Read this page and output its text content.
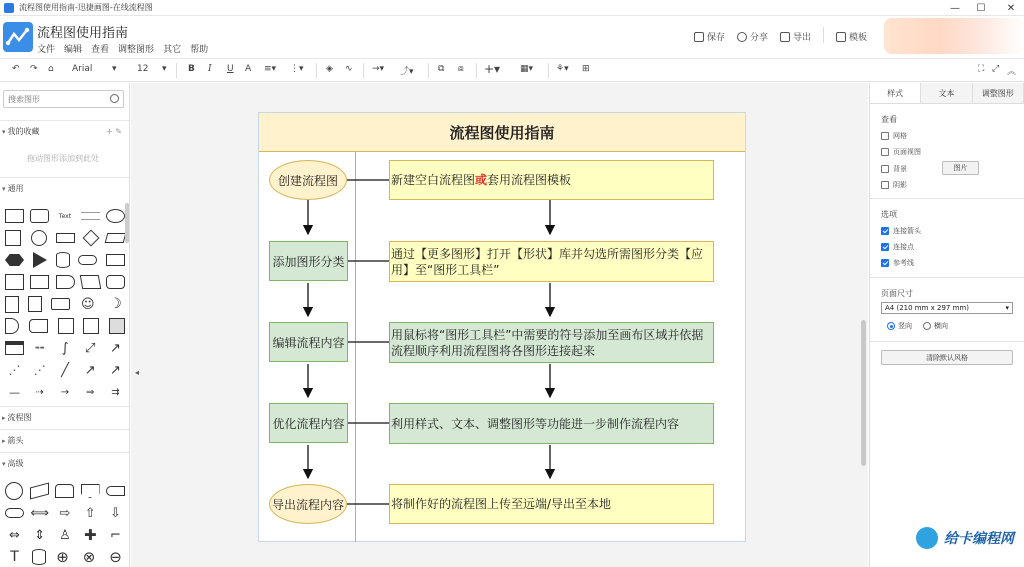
流程图使用指南-迅捷画图-在线流程图	—	☐	✕
流程图使用指南
文件 编辑 查看 调整图形 其它 帮助
保存	分享	导出	模板
↶ ↷ ⌂ Arial ▾ 12 ▾ B I U A ≡▾ ⋮▾ ◈ ∿ →▾ ⤴▾	⧉ ⧈ +▾ ▦▾	⚘▾ ⊞	⛶ ⤢ ︽
搜索图形
▾ 我的收藏	+ ✎
拖动图形添加到此处
▾ 通用
Text
☺ ☽
▬▬	∫	⤢	↗
⋰ ⋰	╱	↗	↗
—	⇢	→	⇒	⇉
▸ 流程图
▸ 箭头
▾ 高级
⟺ ⇨	⇧	⇩
⇔	⇕	♙ ✚	⌐
T	⊕ ⊗ ⊖
◂
流程图使用指南
创建流程图
添加图形分类
编辑流程内容
优化流程内容
导出流程内容
新建空白流程图 或 套用流程图模板
通过【更多图形】打开【形状】库并勾选所需图形分类【应用】至“图形工具栏”
用鼠标将“图形工具栏”中需要的符号添加至画布区域并依据流程顺序利用流程图将各图形连接起来
利用样式、文本、调整图形等功能进一步制作流程内容
将制作好的流程图上传至远端/导出至本地
样式	文本	调整图形
查看
网格
页面视图
背景	图片
阴影
选项
连接箭头
连接点
参考线
页面尺寸
A4 (210 mm x 297 mm)	▾
竖向	横向
清除默认风格
给卡编程网
